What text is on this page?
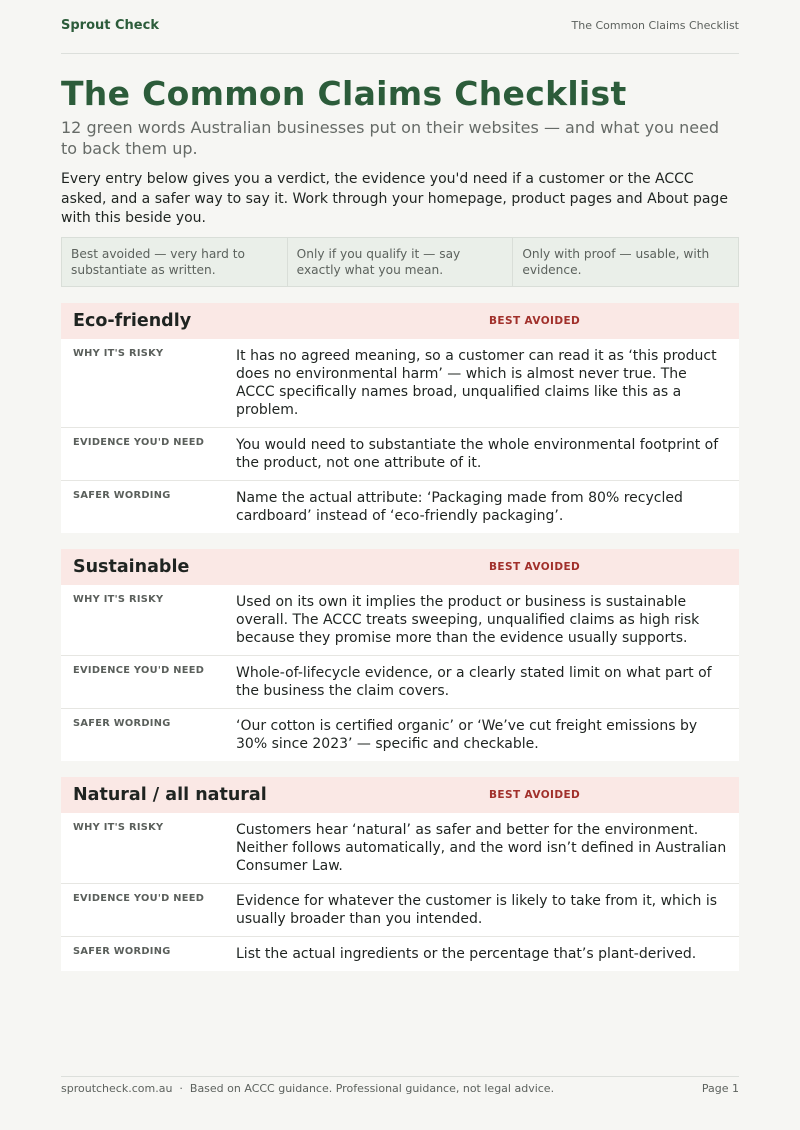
Sprout Check	The Common Claims Checklist
The Common Claims Checklist

12 green words Australian businesses put on their websites — and what you need to back them up.

Every entry below gives you a verdict, the evidence you'd need if a customer or the ACCC asked, and a safer way to say it. Work through your homepage, product pages and About page with this beside you.

Best avoided — very hard to substantiate as written.
Only if you qualify it — say exactly what you mean.
Only with proof — usable, with evidence.
Eco-friendly	BEST AVOIDED
WHY IT'S RISKY	It has no agreed meaning, so a customer can read it as ‘this product does no environmental harm’ — which is almost never true. The ACCC specifically names broad, unqualified claims like this as a problem.
EVIDENCE YOU'D NEED	You would need to substantiate the whole environmental footprint of the product, not one attribute of it.
SAFER WORDING	Name the actual attribute: ‘Packaging made from 80% recycled cardboard’ instead of ‘eco-friendly packaging’.
Sustainable	BEST AVOIDED
WHY IT'S RISKY	Used on its own it implies the product or business is sustainable overall. The ACCC treats sweeping, unqualified claims as high risk because they promise more than the evidence usually supports.
EVIDENCE YOU'D NEED	Whole-of-lifecycle evidence, or a clearly stated limit on what part of the business the claim covers.
SAFER WORDING	‘Our cotton is certified organic’ or ‘We’ve cut freight emissions by 30% since 2023’ — specific and checkable.
Natural / all natural	BEST AVOIDED
WHY IT'S RISKY	Customers hear ‘natural’ as safer and better for the environment. Neither follows automatically, and the word isn’t defined in Australian Consumer Law.
EVIDENCE YOU'D NEED	Evidence for whatever the customer is likely to take from it, which is usually broader than you intended.
SAFER WORDING	List the actual ingredients or the percentage that’s plant-derived.
sproutcheck.com.au  ·  Based on ACCC guidance. Professional guidance, not legal advice.	Page 1
